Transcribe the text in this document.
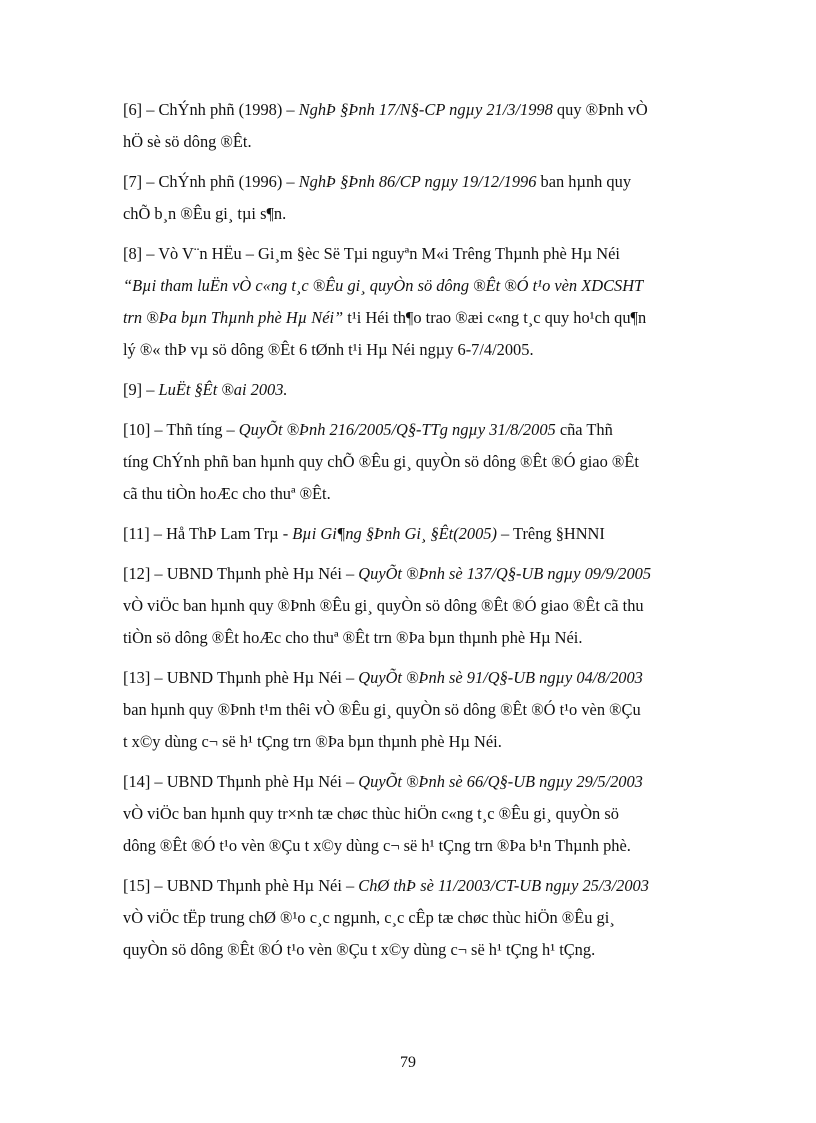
[6] – ChÝnh phñ (1998) – NghÞ §Þnh 17/N§-CP ngµy 21/3/1998 quy ®Þnh vÒ
hÖ sè sö dông ®Êt.
[7] – ChÝnh phñ (1996) – NghÞ §Þnh 86/CP ngµy 19/12/1996 ban hµnh quy
chÕ b¸n ®Êu gi¸ tµi s¶n.
[8] – Vò V¨n HËu – Gi¸m §èc Së Tµi nguyªn M«i Trêng Thµnh phè Hµ Néi
“Bµi tham luËn vÒ c«ng t¸c ®Êu gi¸ quyÒn sö dông ®Êt ®Ó t¹o vèn XDCSHT
trn ®Þa bµn Thµnh phè Hµ Néi” t¹i Héi th¶o trao ®æi c«ng t¸c quy ho¹ch qu¶n
lý ®« thÞ vµ sö dông ®Êt 6 tØnh t¹i Hµ Néi ngµy 6-7/4/2005.
[9] – LuËt §Êt ®ai 2003.
[10] – Thñ tíng – QuyÕt ®Þnh 216/2005/Q§-TTg ngµy 31/8/2005 cña Thñ
tíng ChÝnh phñ ban hµnh quy chÕ ®Êu gi¸ quyÒn sö dông ®Êt ®Ó giao ®Êt
cã thu tiÒn hoÆc cho thuª ®Êt.
[11] – Hå ThÞ Lam Trµ - Bµi Gi¶ng §Þnh Gi¸ §Êt(2005) – Trêng §HNNI
[12] – UBND Thµnh phè Hµ Néi – QuyÕt ®Þnh sè 137/Q§-UB ngµy 09/9/2005
vÒ viÖc ban hµnh quy ®Þnh ®Êu gi¸ quyÒn sö dông ®Êt ®Ó giao ®Êt cã thu
tiÒn sö dông ®Êt hoÆc cho thuª ®Êt trn ®Þa bµn thµnh phè Hµ Néi.
[13] – UBND Thµnh phè Hµ Néi – QuyÕt ®Þnh sè 91/Q§-UB ngµy 04/8/2003
ban hµnh quy ®Þnh t¹m thêi vÒ ®Êu gi¸ quyÒn sö dông ®Êt ®Ó t¹o vèn ®Çu
t x©y dùng c¬ së h¹ tÇng trn ®Þa bµn thµnh phè Hµ Néi.
[14] – UBND Thµnh phè Hµ Néi – QuyÕt ®Þnh sè 66/Q§-UB ngµy 29/5/2003
vÒ viÖc ban hµnh quy tr×nh tæ chøc thùc hiÖn c«ng t¸c ®Êu gi¸ quyÒn sö
dông ®Êt ®Ó t¹o vèn ®Çu t x©y dùng c¬ së h¹ tÇng trn ®Þa b¹n Thµnh phè.
[15] – UBND Thµnh phè Hµ Néi – ChØ thÞ sè 11/2003/CT-UB ngµy 25/3/2003
vÒ viÖc tËp trung chØ ®¹o c¸c ngµnh, c¸c cÊp tæ chøc thùc hiÖn ®Êu gi¸
quyÒn sö dông ®Êt ®Ó t¹o vèn ®Çu t x©y dùng c¬ së h¹ tÇng h¹ tÇng.
79
